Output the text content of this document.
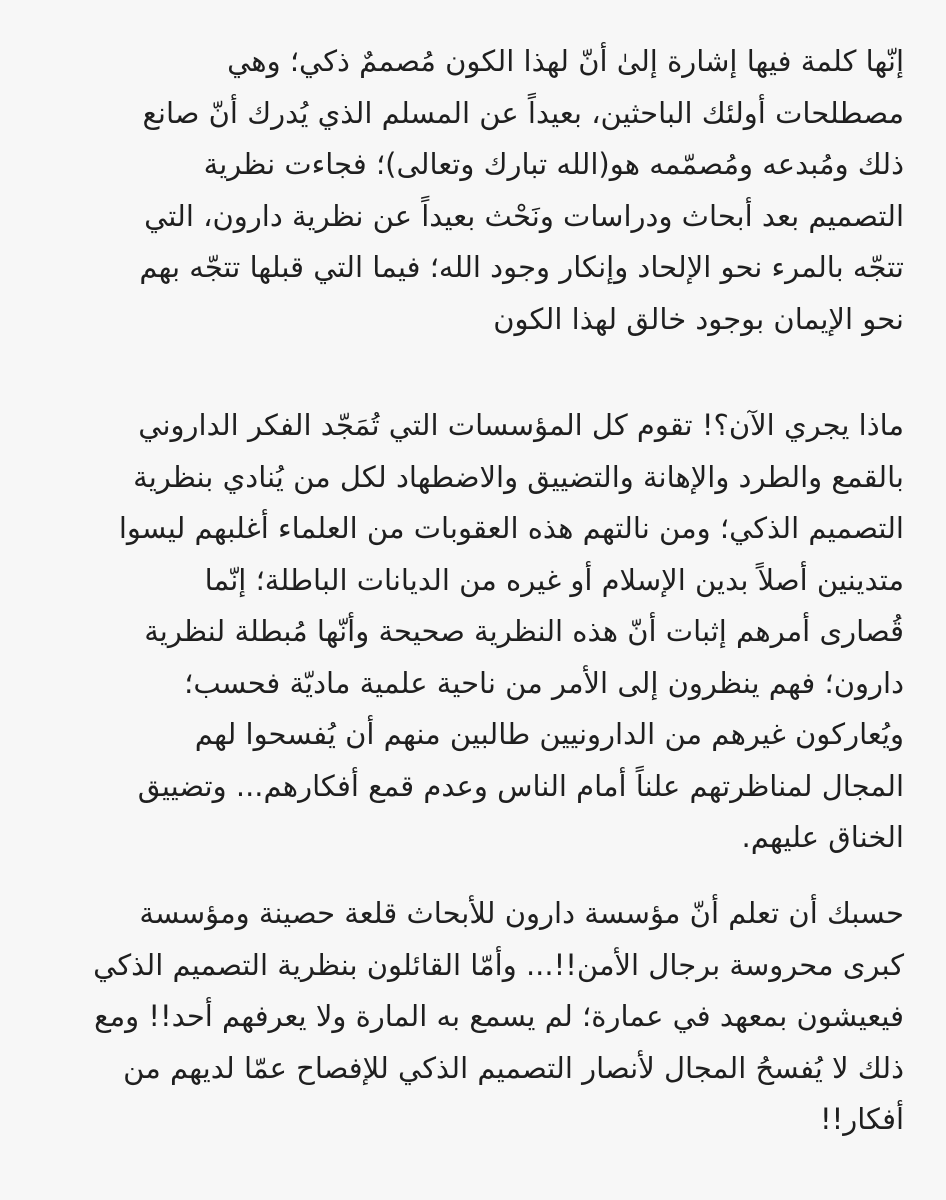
إنّها كلمة فيها إشارة إلىٰ أنّ لهذا الكون مُصممٌ ذكي؛ وهي
مصطلحات أولئك الباحثين، بعيداً عن المسلم الذي يُدرك أنّ صانع
ذلك ومُبدعه ومُصمّمه هو(الله تبارك وتعالى)؛ فجاءت نظرية
التصميم بعد أبحاث ودراسات ونَحْث بعيداً عن نظرية دارون، التي
تتجّه بالمرء نحو الإلحاد وإنكار وجود الله؛ فيما التي قبلها تتجّه بهم
نحو الإيمان بوجود خالق لهذا الكون

ماذا يجري الآن؟! تقوم كل المؤسسات التي تُمَجّد الفكر الداروني
بالقمع والطرد والإهانة والتضييق والاضطهاد لكل من يُنادي بنظرية
التصميم الذكي؛ ومن نالتهم هذه العقوبات من العلماء أغلبهم ليسوا
متدينين أصلاً بدين الإسلام أو غيره من الديانات الباطلة؛ إنّما
قُصارى أمرهم إثبات أنّ هذه النظرية صحيحة وأنّها مُبطلة لنظرية
دارون؛ فهم ينظرون إلى الأمر من ناحية علمية ماديّة فحسب؛
ويُعاركون غيرهم من الداروني‍ين طالبين منهم أن يُفسحوا لهم
المجال لمناظرتهم علناً أمام الناس وعدم قمع أفكارهم... وتضييق
الخناق عليهم.

حسبك أن تعلم أنّ مؤسسة دارون للأبحاث قلعة حصينة ومؤسسة
كبرى محروسة برجال الأمن!!... وأمّا القائلون بنظرية التصميم الذكي
فيعيشون بمعهد في عمارة؛ لم يسمع به المارة ولا يعرفهم أحد!! ومع
ذلك لا يُفسحُ المجال لأنصار التصميم الذكي للإفصاح عمّا لديهم من
أفكار!!
